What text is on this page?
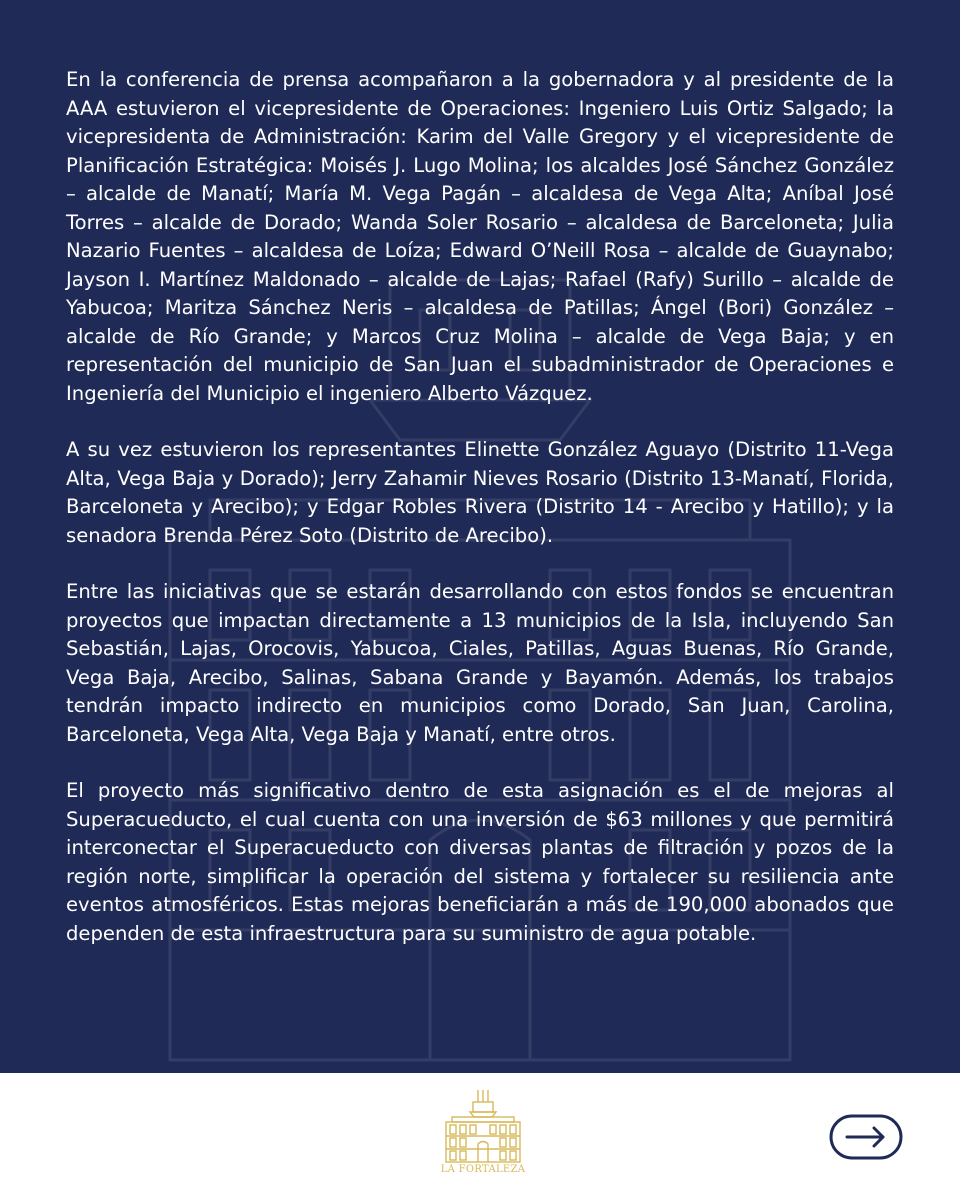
En la conferencia de prensa acompañaron a la gobernadora y al presidente de la AAA estuvieron el vicepresidente de Operaciones: Ingeniero Luis Ortiz Salgado; la vicepresidenta de Administración: Karim del Valle Gregory y el vicepresidente de Planificación Estratégica: Moisés J. Lugo Molina; los alcaldes José Sánchez González – alcalde de Manatí; María M. Vega Pagán – alcaldesa de Vega Alta; Aníbal José Torres – alcalde de Dorado; Wanda Soler Rosario – alcaldesa de Barceloneta; Julia Nazario Fuentes – alcaldesa de Loíza; Edward O’Neill Rosa – alcalde de Guaynabo; Jayson I. Martínez Maldonado – alcalde de Lajas; Rafael (Rafy) Surillo – alcalde de Yabucoa; Maritza Sánchez Neris – alcaldesa de Patillas; Ángel (Bori) González – alcalde de Río Grande; y Marcos Cruz Molina – alcalde de Vega Baja; y en representación del municipio de San Juan el subadministrador de Operaciones e Ingeniería del Municipio el ingeniero Alberto Vázquez.

A su vez estuvieron los representantes Elinette González Aguayo (Distrito 11-Vega Alta, Vega Baja y Dorado); Jerry Zahamir Nieves Rosario (Distrito 13-Manatí, Florida, Barceloneta y Arecibo); y Edgar Robles Rivera (Distrito 14 - Arecibo y Hatillo); y la senadora Brenda Pérez Soto (Distrito de Arecibo).

Entre las iniciativas que se estarán desarrollando con estos fondos se encuentran proyectos que impactan directamente a 13 municipios de la Isla, incluyendo San Sebastián, Lajas, Orocovis, Yabucoa, Ciales, Patillas, Aguas Buenas, Río Grande, Vega Baja, Arecibo, Salinas, Sabana Grande y Bayamón. Además, los trabajos tendrán impacto indirecto en municipios como Dorado, San Juan, Carolina, Barceloneta, Vega Alta, Vega Baja y Manatí, entre otros.

El proyecto más significativo dentro de esta asignación es el de mejoras al Superacueducto, el cual cuenta con una inversión de $63 millones y que permitirá interconectar el Superacueducto con diversas plantas de filtración y pozos de la región norte, simplificar la operación del sistema y fortalecer su resiliencia ante eventos atmosféricos. Estas mejoras beneficiarán a más de 190,000 abonados que dependen de esta infraestructura para su suministro de agua potable.

LA FORTALEZA
